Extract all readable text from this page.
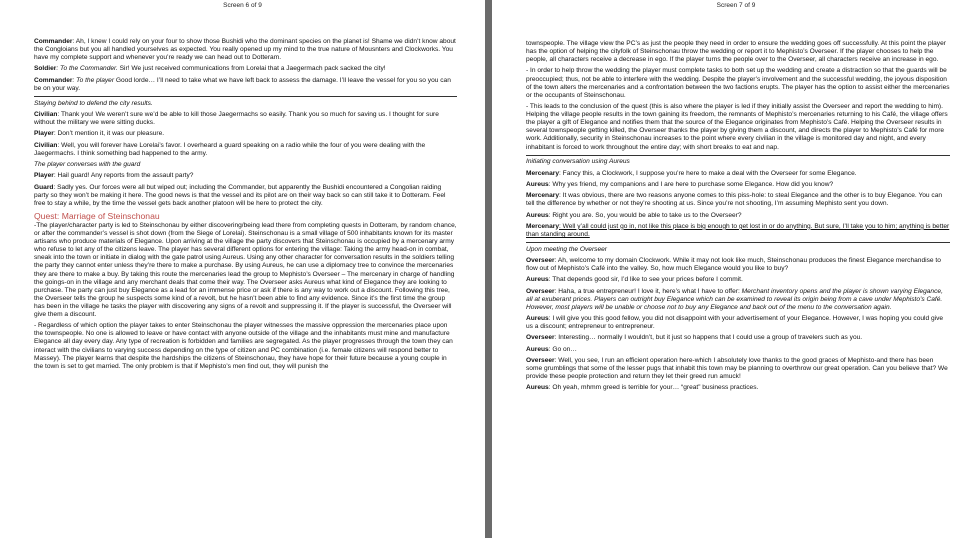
Screen 6 of 9
Commander: Ah, I knew I could rely on your four to show those Bushidi who the dominant species on the planet is! Shame we didn’t know about the Congloians but you all handled yourselves as expected. You really opened up my mind to the true nature of Mousnters and Clockworks. You have my complete support and whenever you’re ready we can head out to Dotteram.
Soldier: To the Commander. Sir! We just received communications from Lorelai that a Jaegermach pack sacked the city!
Commander: To the player Good lorde… I’ll need to take what we have left back to assess the damage. I’ll leave the vessel for you so you can be on your way.
Staying behind to defend the city results.
Civilian: Thank you! We weren’t sure we’d be able to kill those Jaegermachs so easily. Thank you so much for saving us. I thought for sure without the military we were sitting ducks.
Player: Don’t mention it, it was our pleasure.
Civilian: Well, you will forever have Lorelai’s favor. I overheard a guard speaking on a radio while the four of you were dealing with the Jaegermachs. I think something bad happened to the army.
The player converses with the guard
Player: Hail guard! Any reports from the assault party?
Guard: Sadly yes. Our forces were all but wiped out; including the Commander, but apparently the Bushidi encountered a Congolian raiding party so they won’t be making it here. The good news is that the vessel and its pilot are on their way back so can still take it to Dotteram. Feel free to stay a while, by the time the vessel gets back another platoon will be here to protect the city.
Quest: Marriage of Steinschonau
-The player/character party is led to Steinschonau by either discovering/being lead there from completing quests in Dotteram, by random chance, or after the commander’s vessel is shot down (from the Siege of Lorelai). Steinschonau is a small village of 500 inhabitants known for its master artisans who produce materials of Elegance. Upon arriving at the village the party discovers that Steinschonau is occupied by a mercenary army who refuse to let any of the citizens leave. The player has several different options for entering the village: Taking the army head-on in combat, sneak into the town or initiate in dialog with the gate patrol using Aureus. Using any other character for conversation results in the soldiers telling the party they cannot enter unless they’re there to make a purchase. By using Aureus, he can use a diplomacy tree to convince the mercenaries they are there to make a buy. By taking this route the mercenaries lead the group to Mephisto’s Overseer – The mercenary in charge of handling the goings-on in the village and any merchant deals that come their way. The Overseer asks Aureus what kind of Elegance they are looking to purchase. The party can just buy Elegance as a lead for an immense price or ask if there is any way to work out a discount. Following this tree, the Overseer tells the group he suspects some kind of a revolt, but he hasn’t been able to find any evidence. Since it’s the first time the group has been in the village he tasks the player with discovering any signs of a revolt and suppressing it. If the player is successful, the Overseer will give them a discount.
- Regardless of which option the player takes to enter Steinschonau the player witnesses the massive oppression the mercenaries place upon the townspeople. No one is allowed to leave or have contact with anyone outside of the village and the inhabitants must mine and manufacture Elegance all day every day. Any type of recreation is forbidden and families are segregated. As the player progresses through the town they can interact with the civilians to varying success depending on the type of citizen and PC combination (i.e. female citizens will respond better to Massey). The player learns that despite the hardships the citizens of Steinschonau, they have hope for their future because a young couple in the town is set to get married. The only problem is that if Mephisto’s men find out, they will punish the
Screen 7 of 9
townspeople. The village view the PC’s as just the people they need in order to ensure the wedding goes off successfully. At this point the player has the option of helping the cityfolk of Steinschonau throw the wedding or report it to Mephisto’s Overseer. If the player chooses to help the people, all characters receive a decrease in ego. If the player turns the people over to the Overseer, all characters receive an increase in ego.
- In order to help throw the wedding the player must complete tasks to both set up the wedding and create a distraction so that the guards will be preoccupied; thus, not be able to interfere with the wedding. Despite the player’s involvement and the successful wedding, the joyous disposition of the town alters the mercenaries and a confrontation between the two factions erupts. The player has the option to assist either the mercenaries or the occupants of Steinschonau.
- This leads to the conclusion of the quest (this is also where the player is led if they initially assist the Overseer and report the wedding to him). Helping the village people results in the town gaining its freedom, the remnants of Mephisto’s mercenaries returning to his Café, the village offers the player a gift of Elegance and notifies them that the source of the Elegance originates from Mephisto’s Café. Helping the Overseer results in several townspeople getting killed, the Overseer thanks the player by giving them a discount, and directs the player to Mephisto’s Café for more work. Additionally, security in Steinschonau increases to the point where every civilian in the village is monitored day and night, and every inhabitant is forced to work throughout the entire day; with short breaks to eat and nap.
Initiating conversation using Aureus
Mercenary: Fancy this, a Clockwork, I suppose you’re here to make a deal with the Overseer for some Elegance.
Aureus: Why yes friend, my companions and I are here to purchase some Elegance. How did you know?
Mercenary: It was obvious, there are two reasons anyone comes to this piss-hole: to steal Elegance and the other is to buy Elegance. You can tell the difference by whether or not they’re shooting at us. Since you’re not shooting, I’m assuming Mephisto sent you down.
Aureus: Right you are. So, you would be able to take us to the Overseer?
Mercenary: Well y’all could just go in, not like this place is big enough to get lost in or do anything. But sure, I’ll take you to him; anything is better than standing around.
Upon meeting the Overseer
Overseer: Ah, welcome to my domain Clockwork. While it may not look like much, Steinschonau produces the finest Elegance merchandise to flow out of Mephisto’s Café into the valley. So, how much Elegance would you like to buy?
Aureus: That depends good sir, I’d like to see your prices before I commit.
Overseer: Haha, a true entrepreneur! I love it, here’s what I have to offer: Merchant inventory opens and the player is shown varying Elegance, all at exuberant prices. Players can outright buy Elegance which can be examined to reveal its origin being from a cave under Mephisto’s Café. However, most players will be unable or choose not to buy any Elegance and back out of the menu to the conversation again.
Aureus: I will give you this good fellow, you did not disappoint with your advertisement of your Elegance. However, I was hoping you could give us a discount; entrepreneur to entrepreneur.
Overseer: Interesting… normally I wouldn’t, but it just so happens that I could use a group of travelers such as you.
Aureus: Go on…
Overseer: Well, you see, I run an efficient operation here-which I absolutely love thanks to the good graces of Mephisto-and there has been some grumblings that some of the lesser pugs that inhabit this town may be planning to overthrow our great operation. Can you believe that? We provide these people protection and return they let their greed run amuck!
Aureus: Oh yeah, mhmm greed is terrible for your… “great” business practices.
